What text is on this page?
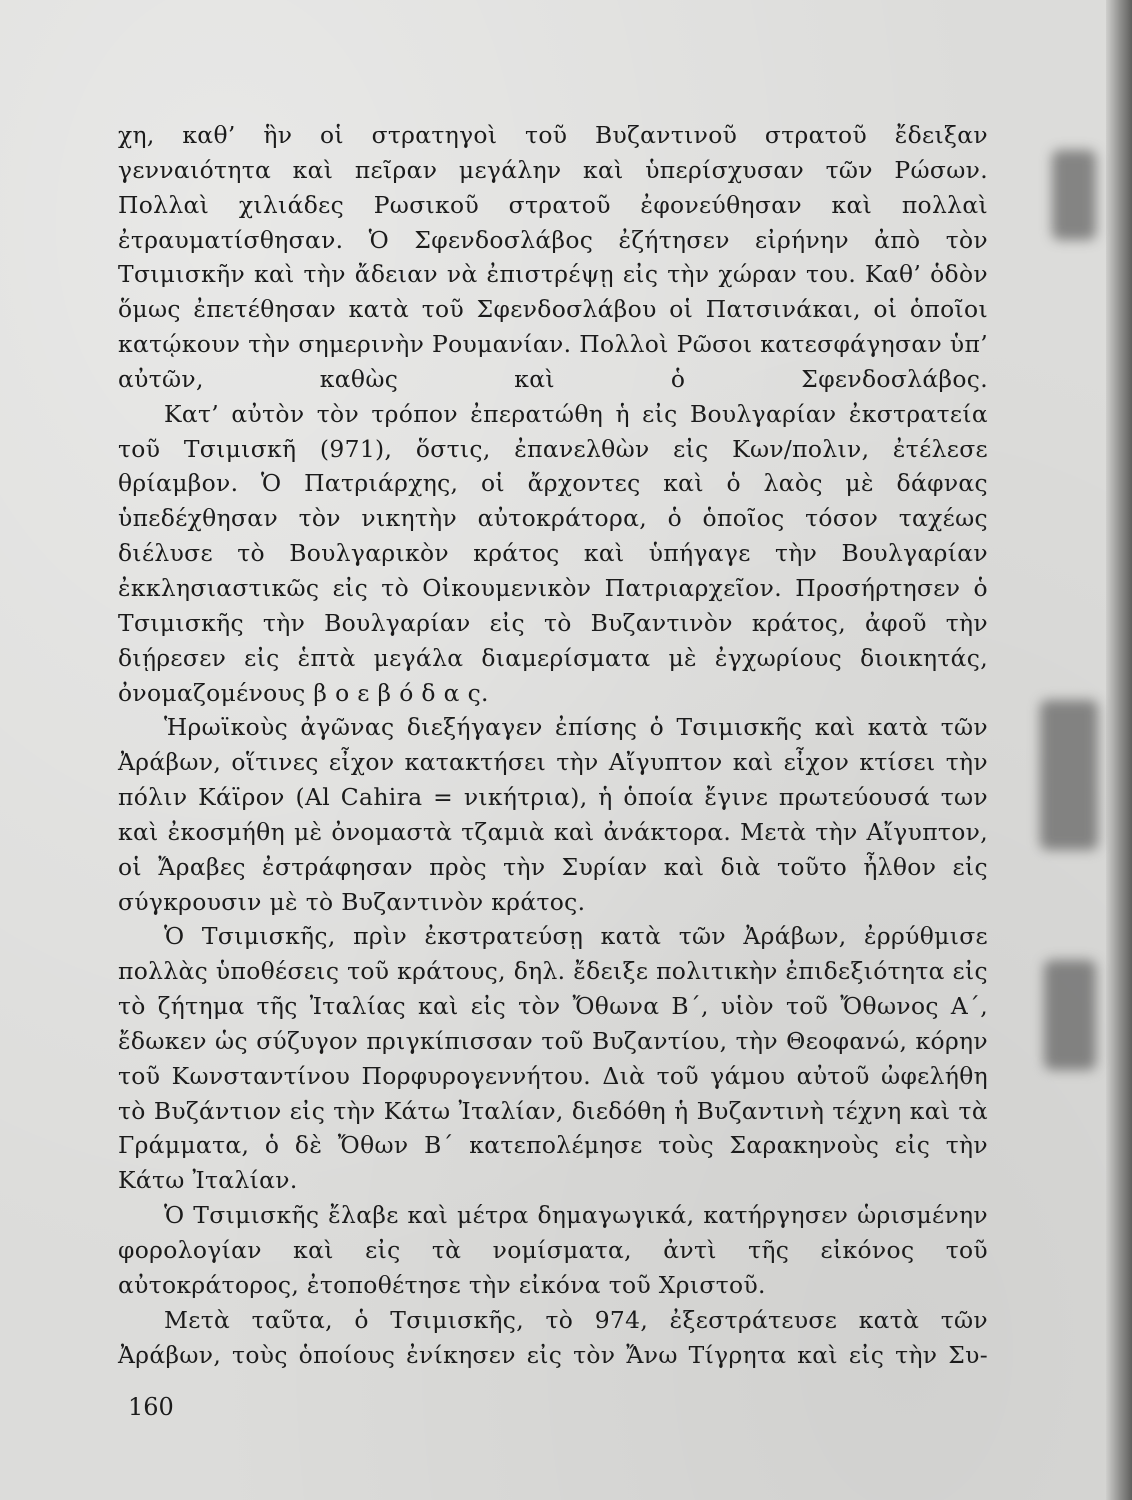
χη, καθ’ ἣν οἱ στρατηγοὶ τοῦ Βυζαντινοῦ στρατοῦ ἔδειξαν γενναιότητα καὶ πεῖραν μεγάλην καὶ ὑπερίσχυσαν τῶν Ρώσων. Πολλαὶ χιλιάδες Ρωσικοῦ στρατοῦ ἐφονεύθησαν καὶ πολλαὶ ἐτραυματίσθησαν. Ὁ Σφενδοσλάβος ἐζήτησεν εἰρήνην ἀπὸ τὸν Τσιμισκῆν καὶ τὴν ἄδειαν νὰ ἐπιστρέψῃ εἰς τὴν χώραν του. Καθ’ ὁδὸν ὅμως ἐπετέθησαν κατὰ τοῦ Σφενδοσλάβου οἱ Πατσινάκαι, οἱ ὁποῖοι κατῴκουν τὴν σημερινὴν Ρουμανίαν. Πολλοὶ Ρῶσοι κατεσφάγησαν ὑπ’ αὐτῶν, καθὼς καὶ ὁ Σφενδοσλάβος.

Κατ’ αὐτὸν τὸν τρόπον ἐπερατώθη ἡ εἰς Βουλγαρίαν ἐκστρατεία τοῦ Τσιμισκῆ (971), ὅστις, ἐπανελθὼν εἰς Κων/πολιν, ἐτέλεσε θρίαμβον. Ὁ Πατριάρχης, οἱ ἄρχοντες καὶ ὁ λαὸς μὲ δάφνας ὑπεδέχθησαν τὸν νικητὴν αὐτοκράτορα, ὁ ὁποῖος τόσον ταχέως διέλυσε τὸ Βουλγαρικὸν κράτος καὶ ὑπήγαγε τὴν Βουλγαρίαν ἐκκλησιαστικῶς εἰς τὸ Οἰκουμενικὸν Πατριαρχεῖον. Προσήρτησεν ὁ Τσιμισκῆς τὴν Βουλγαρίαν εἰς τὸ Βυζαντινὸν κράτος, ἀφοῦ τὴν διῄρεσεν εἰς ἑπτὰ μεγάλα διαμερίσματα μὲ ἐγχωρίους διοικητάς, ὀνομαζομένους β ο ε β ό δ α ς.

Ἡρωϊκοὺς ἀγῶνας διεξήγαγεν ἐπίσης ὁ Τσιμισκῆς καὶ κατὰ τῶν Ἀράβων, οἵτινες εἶχον κατακτήσει τὴν Αἴγυπτον καὶ εἶχον κτίσει τὴν πόλιν Κάϊρον (Al Cahira = νικήτρια), ἡ ὁποία ἔγινε πρωτεύουσά των καὶ ἐκοσμήθη μὲ ὀνομαστὰ τζαμιὰ καὶ ἀνάκτορα. Μετὰ τὴν Αἴγυπτον, οἱ Ἄραβες ἐστράφησαν πρὸς τὴν Συρίαν καὶ διὰ τοῦτο ἦλθον εἰς σύγκρουσιν μὲ τὸ Βυζαντινὸν κράτος.

Ὁ Τσιμισκῆς, πρὶν ἐκστρατεύσῃ κατὰ τῶν Ἀράβων, ἐρρύθμισε πολλὰς ὑποθέσεις τοῦ κράτους, δηλ. ἔδειξε πολιτικὴν ἐπιδεξιότητα εἰς τὸ ζήτημα τῆς Ἰταλίας καὶ εἰς τὸν Ὄθωνα Β΄, υἱὸν τοῦ Ὄθωνος Α΄, ἔδωκεν ὡς σύζυγον πριγκίπισσαν τοῦ Βυζαντίου, τὴν Θεοφανώ, κόρην τοῦ Κωνσταντίνου Πορφυρογεννήτου. Διὰ τοῦ γάμου αὐτοῦ ὠφελήθη τὸ Βυζάντιον εἰς τὴν Κάτω Ἰταλίαν, διεδόθη ἡ Βυζαντινὴ τέχνη καὶ τὰ Γράμματα, ὁ δὲ Ὄθων Β΄ κατεπολέμησε τοὺς Σαρακηνοὺς εἰς τὴν Κάτω Ἰταλίαν.

Ὁ Τσιμισκῆς ἔλαβε καὶ μέτρα δημαγωγικά, κατήργησεν ὡρισμένην φορολογίαν καὶ εἰς τὰ νομίσματα, ἀντὶ τῆς εἰκόνος τοῦ αὐτοκράτορος, ἐτοποθέτησε τὴν εἰκόνα τοῦ Χριστοῦ.

Μετὰ ταῦτα, ὁ Τσιμισκῆς, τὸ 974, ἐξεστράτευσε κατὰ τῶν Ἀράβων, τοὺς ὁποίους ἐνίκησεν εἰς τὸν Ἄνω Τίγρητα καὶ εἰς τὴν Συ-

160
